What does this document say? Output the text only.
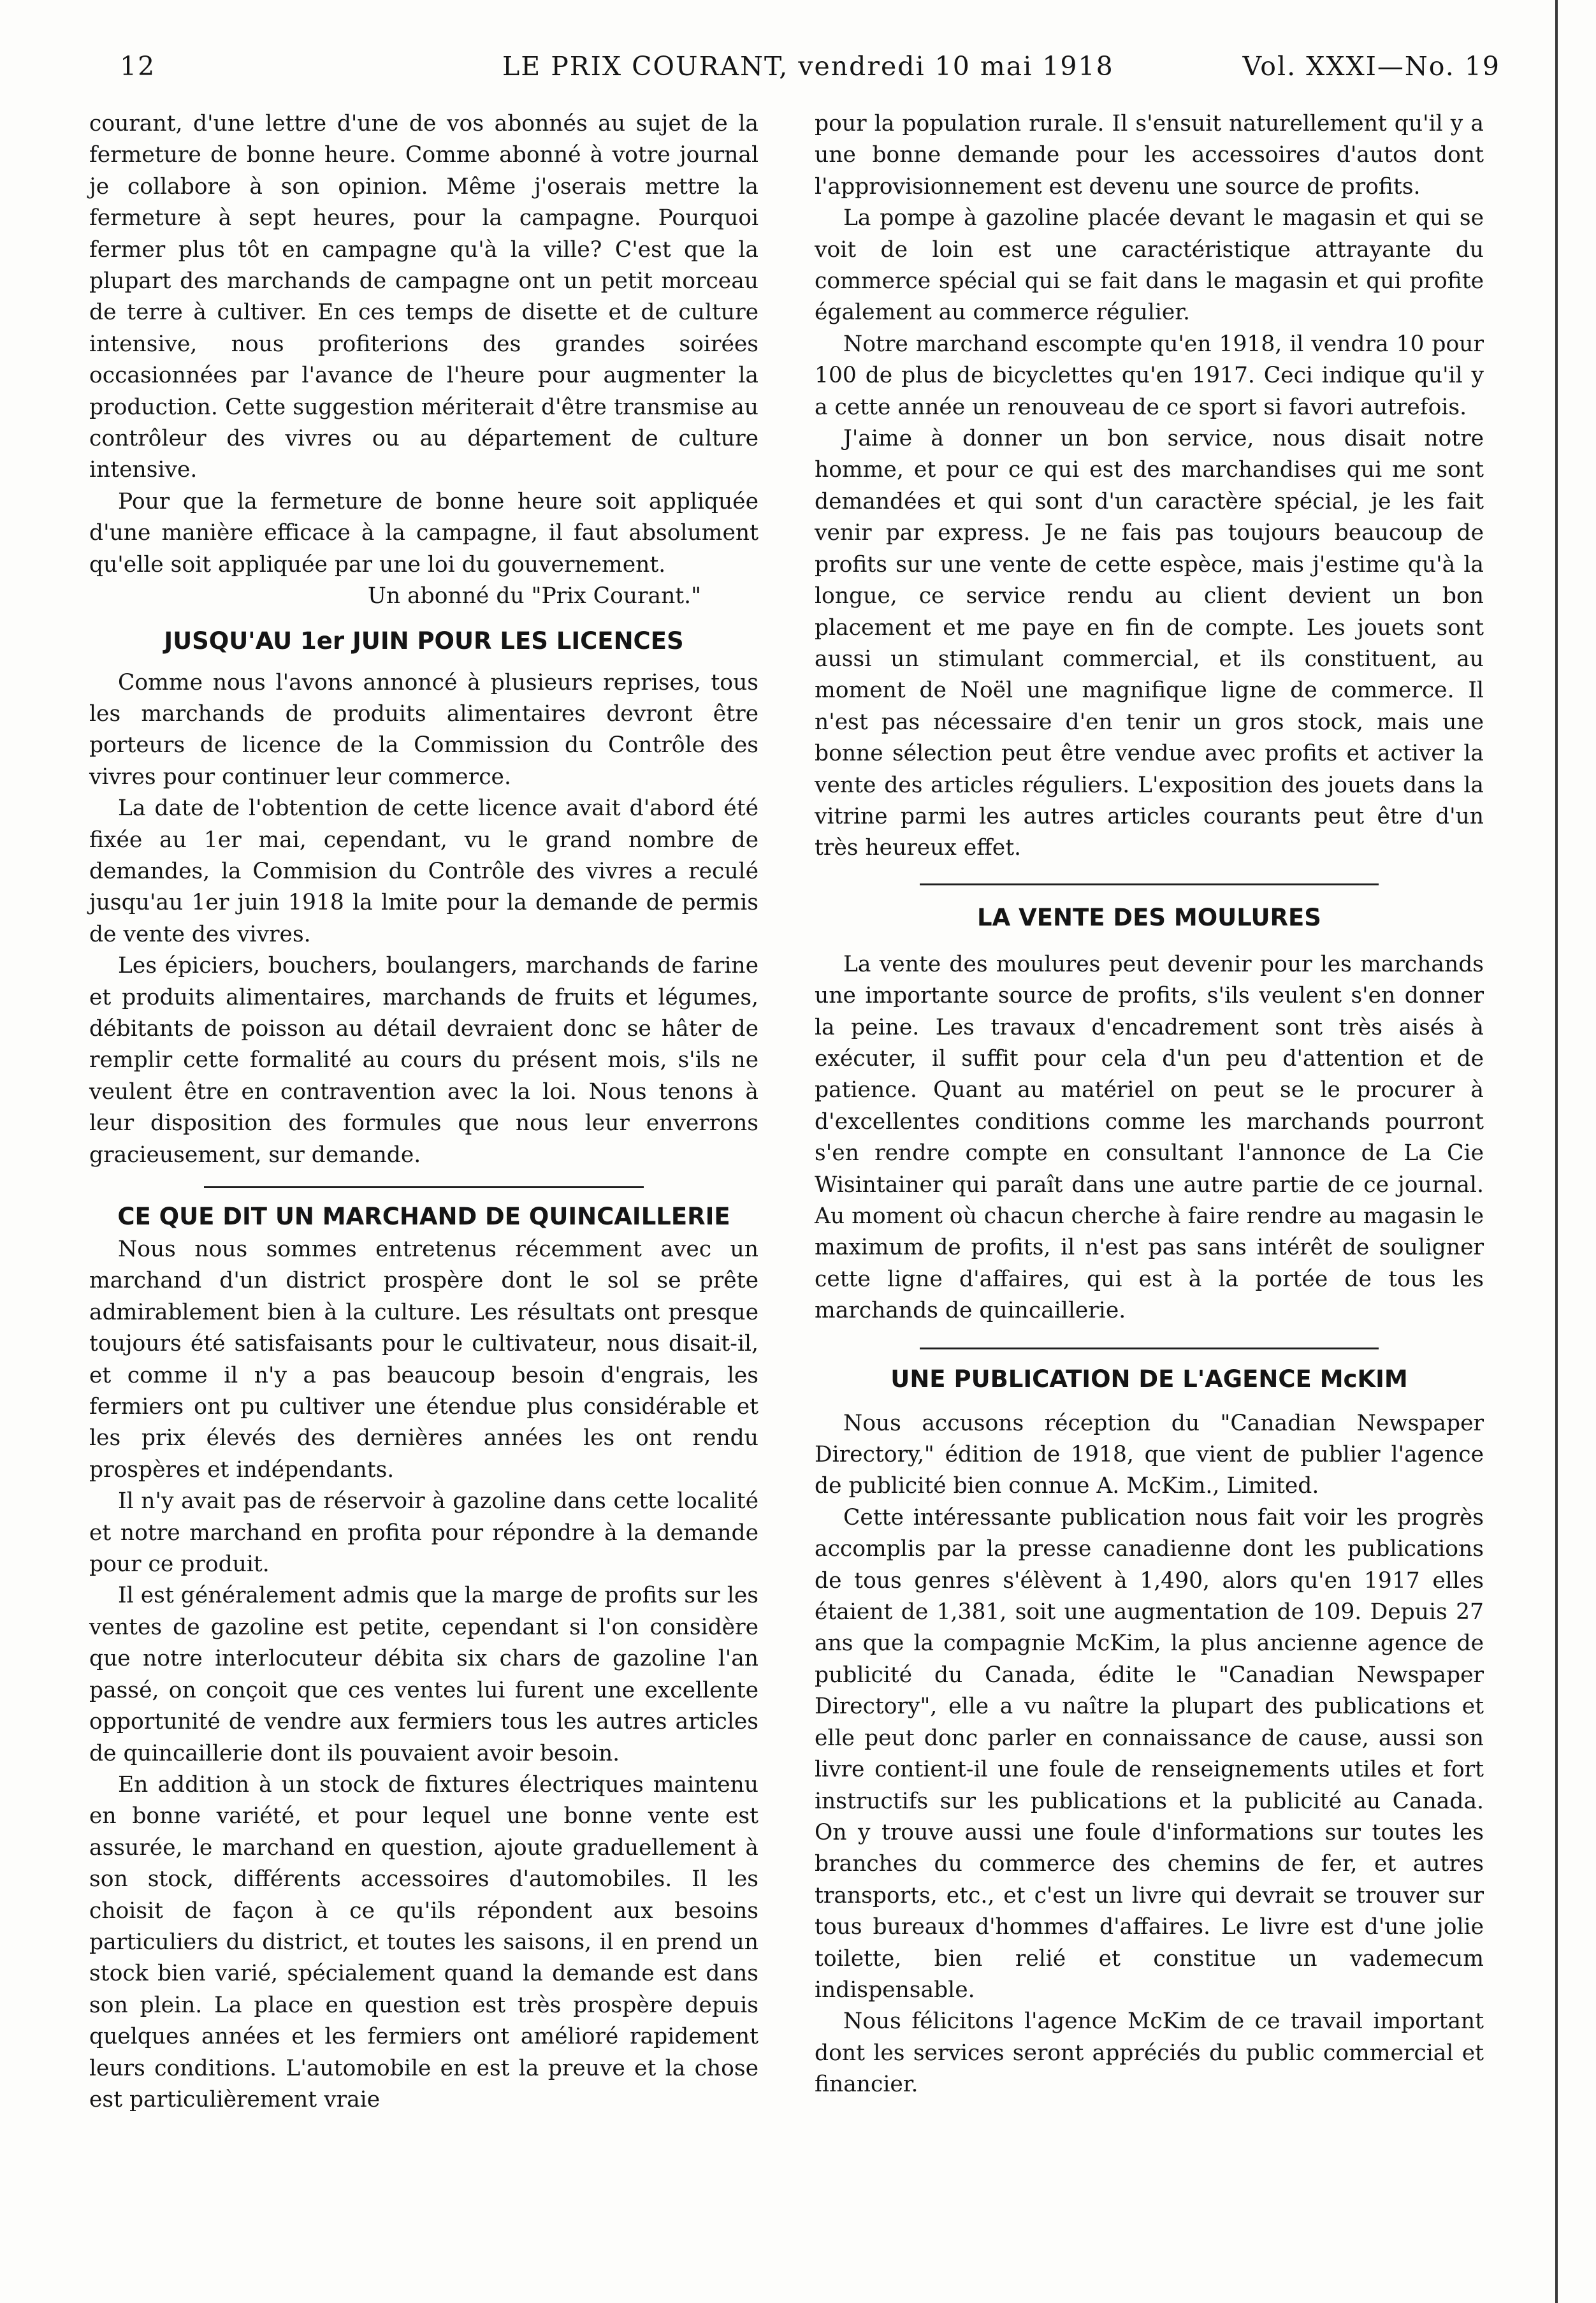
12	LE PRIX COURANT, vendredi 10 mai 1918	Vol. XXXI—No. 19

courant, d'une lettre d'une de vos abonnés au sujet de la fermeture de bonne heure. Comme abonné à votre journal je collabore à son opinion. Même j'oserais mettre la fermeture à sept heures, pour la campagne. Pourquoi fermer plus tôt en campagne qu'à la ville? C'est que la plupart des marchands de campagne ont un petit morceau de terre à cultiver. En ces temps de disette et de culture intensive, nous profiterions des grandes soirées occasionnées par l'avance de l'heure pour augmenter la production. Cette suggestion mériterait d'être transmise au contrôleur des vivres ou au département de culture intensive.

Pour que la fermeture de bonne heure soit appliquée d'une manière efficace à la campagne, il faut absolument qu'elle soit appliquée par une loi du gouvernement.

Un abonné du "Prix Courant."

JUSQU'AU 1er JUIN POUR LES LICENCES

Comme nous l'avons annoncé à plusieurs reprises, tous les marchands de produits alimentaires devront être porteurs de licence de la Commission du Contrôle des vivres pour continuer leur commerce.

La date de l'obtention de cette licence avait d'abord été fixée au 1er mai, cependant, vu le grand nombre de demandes, la Commision du Contrôle des vivres a reculé jusqu'au 1er juin 1918 la lmite pour la demande de permis de vente des vivres.

Les épiciers, bouchers, boulangers, marchands de farine et produits alimentaires, marchands de fruits et légumes, débitants de poisson au détail devraient donc se hâter de remplir cette formalité au cours du présent mois, s'ils ne veulent être en contravention avec la loi. Nous tenons à leur disposition des formules que nous leur enverrons gracieusement, sur demande.

CE QUE DIT UN MARCHAND DE QUINCAILLERIE

Nous nous sommes entretenus récemment avec un marchand d'un district prospère dont le sol se prête admirablement bien à la culture. Les résultats ont presque toujours été satisfaisants pour le cultivateur, nous disait-il, et comme il n'y a pas beaucoup besoin d'engrais, les fermiers ont pu cultiver une étendue plus considérable et les prix élevés des dernières années les ont rendu prospères et indépendants.

Il n'y avait pas de réservoir à gazoline dans cette localité et notre marchand en profita pour répondre à la demande pour ce produit.

Il est généralement admis que la marge de profits sur les ventes de gazoline est petite, cependant si l'on considère que notre interlocuteur débita six chars de gazoline l'an passé, on conçoit que ces ventes lui furent une excellente opportunité de vendre aux fermiers tous les autres articles de quincaillerie dont ils pouvaient avoir besoin.

En addition à un stock de fixtures électriques maintenu en bonne variété, et pour lequel une bonne vente est assurée, le marchand en question, ajoute graduellement à son stock, différents accessoires d'automobiles. Il les choisit de façon à ce qu'ils répondent aux besoins particuliers du district, et toutes les saisons, il en prend un stock bien varié, spécialement quand la demande est dans son plein. La place en question est très prospère depuis quelques années et les fermiers ont amélioré rapidement leurs conditions. L'automobile en est la preuve et la chose est particulièrement vraie

pour la population rurale. Il s'ensuit naturellement qu'il y a une bonne demande pour les accessoires d'autos dont l'approvisionnement est devenu une source de profits.

La pompe à gazoline placée devant le magasin et qui se voit de loin est une caractéristique attrayante du commerce spécial qui se fait dans le magasin et qui profite également au commerce régulier.

Notre marchand escompte qu'en 1918, il vendra 10 pour 100 de plus de bicyclettes qu'en 1917. Ceci indique qu'il y a cette année un renouveau de ce sport si favori autrefois.

J'aime à donner un bon service, nous disait notre homme, et pour ce qui est des marchandises qui me sont demandées et qui sont d'un caractère spécial, je les fait venir par express. Je ne fais pas toujours beaucoup de profits sur une vente de cette espèce, mais j'estime qu'à la longue, ce service rendu au client devient un bon placement et me paye en fin de compte. Les jouets sont aussi un stimulant commercial, et ils constituent, au moment de Noël une magnifique ligne de commerce. Il n'est pas nécessaire d'en tenir un gros stock, mais une bonne sélection peut être vendue avec profits et activer la vente des articles réguliers. L'exposition des jouets dans la vitrine parmi les autres articles courants peut être d'un très heureux effet.

LA VENTE DES MOULURES

La vente des moulures peut devenir pour les marchands une importante source de profits, s'ils veulent s'en donner la peine. Les travaux d'encadrement sont très aisés à exécuter, il suffit pour cela d'un peu d'attention et de patience. Quant au matériel on peut se le procurer à d'excellentes conditions comme les marchands pourront s'en rendre compte en consultant l'annonce de La Cie Wisintainer qui paraît dans une autre partie de ce journal. Au moment où chacun cherche à faire rendre au magasin le maximum de profits, il n'est pas sans intérêt de souligner cette ligne d'affaires, qui est à la portée de tous les marchands de quincaillerie.

UNE PUBLICATION DE L'AGENCE McKIM

Nous accusons réception du "Canadian Newspaper Directory," édition de 1918, que vient de publier l'agence de publicité bien connue A. McKim., Limited.

Cette intéressante publication nous fait voir les progrès accomplis par la presse canadienne dont les publications de tous genres s'élèvent à 1,490, alors qu'en 1917 elles étaient de 1,381, soit une augmentation de 109. Depuis 27 ans que la compagnie McKim, la plus ancienne agence de publicité du Canada, édite le "Canadian Newspaper Directory", elle a vu naître la plupart des publications et elle peut donc parler en connaissance de cause, aussi son livre contient-il une foule de renseignements utiles et fort instructifs sur les publications et la publicité au Canada. On y trouve aussi une foule d'informations sur toutes les branches du commerce des chemins de fer, et autres transports, etc., et c'est un livre qui devrait se trouver sur tous bureaux d'hommes d'affaires. Le livre est d'une jolie toilette, bien relié et constitue un vademecum indispensable.

Nous félicitons l'agence McKim de ce travail important dont les services seront appréciés du public commercial et financier.
